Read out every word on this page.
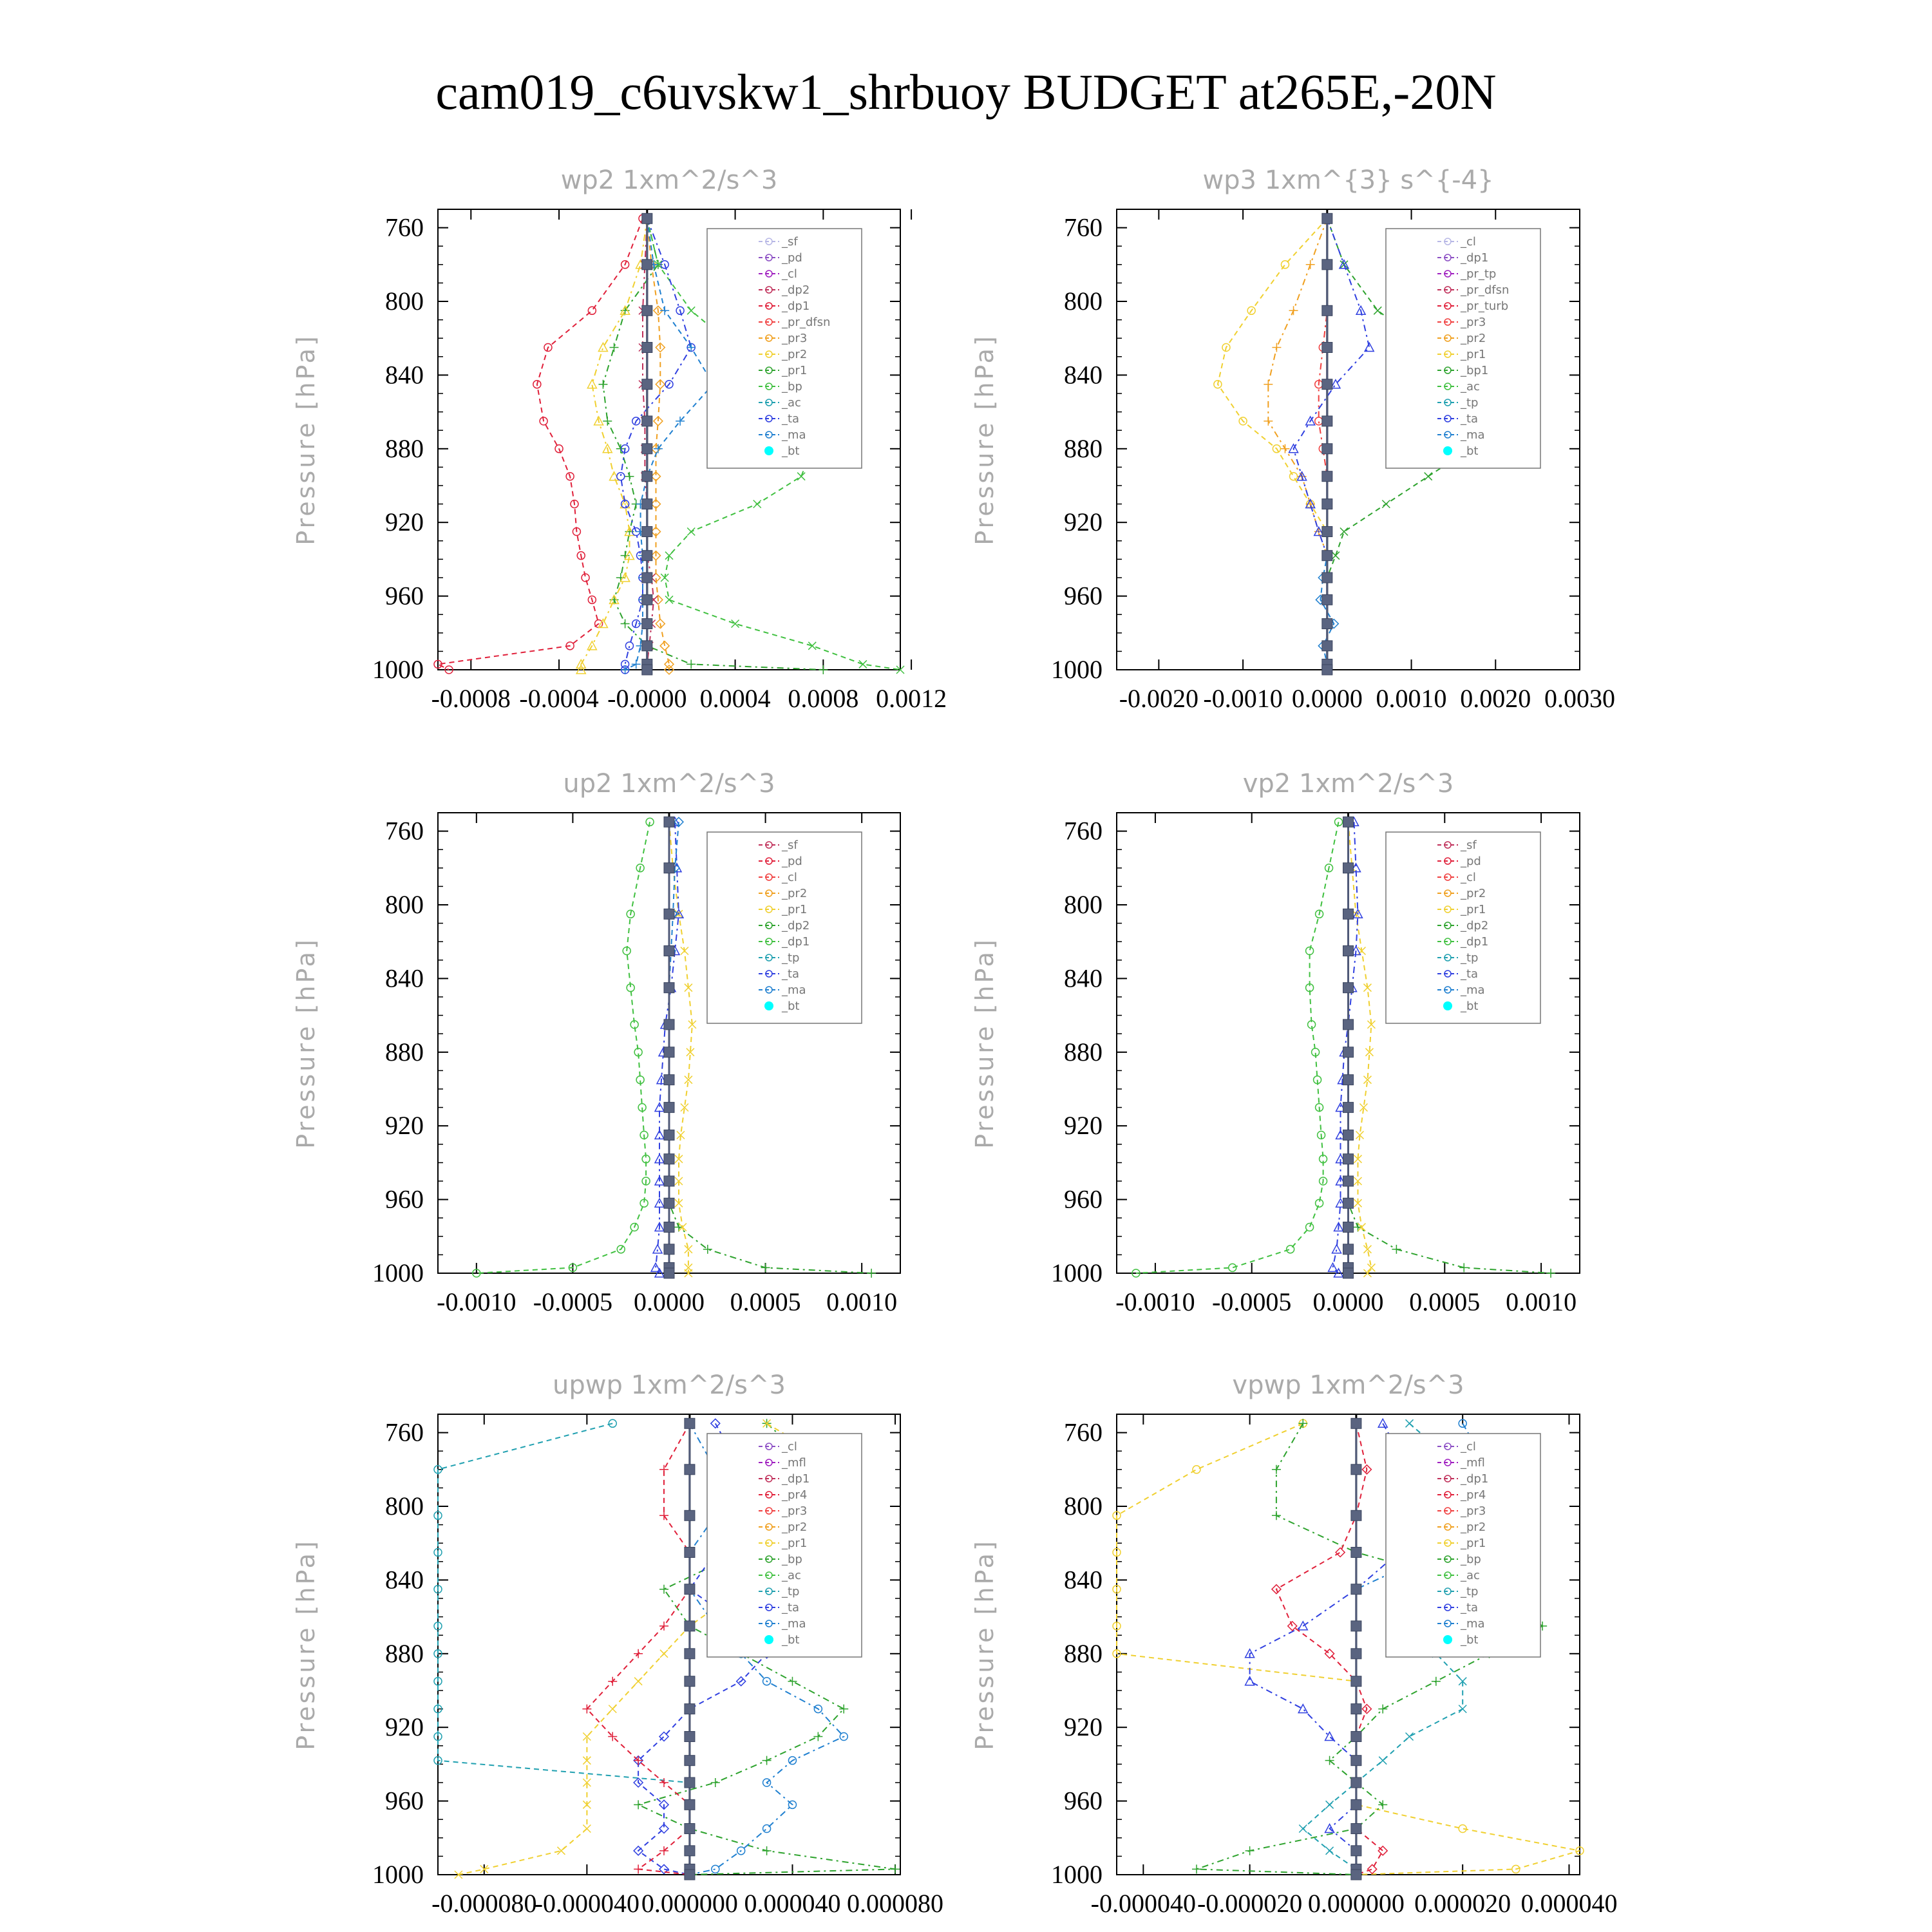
cam019_c6uvskw1_shrbuoy BUDGET at265E,-20N
wp2 1xm^2/s^3
Pressure [hPa]
760
800
840
880
920
960
1000
-0.0008 -0.0004 -0.0000 0.0004 0.0008 0.0012
_sf
_pd
_cl
_dp2
_dp1
_pr_dfsn
_pr3
_pr2
_pr1
_bp
_ac
_ta
_ma
_bt
wp3 1xm^{3} s^{-4}
Pressure [hPa]
760
800
840
880
920
960
1000
-0.0020 -0.0010 0.0000 0.0010 0.0020 0.0030
_cl
_dp1
_pr_tp
_pr_dfsn
_pr_turb
_pr3
_pr2
_pr1
_bp1
_ac
_tp
_ta
_ma
_bt
up2 1xm^2/s^3
Pressure [hPa]
760
800
840
880
920
960
1000
-0.0010 -0.0005 0.0000 0.0005 0.0010
_sf
_pd
_cl
_pr2
_pr1
_dp2
_dp1
_tp
_ta
_ma
_bt
vp2 1xm^2/s^3
Pressure [hPa]
760
800
840
880
920
960
1000
-0.0010 -0.0005 0.0000 0.0005 0.0010
_sf
_pd
_cl
_pr2
_pr1
_dp2
_dp1
_tp
_ta
_ma
_bt
upwp 1xm^2/s^3
Pressure [hPa]
760
800
840
880
920
960
1000
-0.000080
-0.000040 0.000000 0.000040 0.000080
_cl
_mfl
_dp1
_pr4
_pr3
_pr2
_pr1
_bp
_ac
_tp
_ta
_ma
_bt
vpwp 1xm^2/s^3
Pressure [hPa]
760
800
840
880
920
960
1000
-0.000040 -0.000020 0.000000 0.000020 0.000040
_cl
_mfl
_dp1
_pr4
_pr3
_pr2
_pr1
_bp
_ac
_tp
_ta
_ma
_bt
